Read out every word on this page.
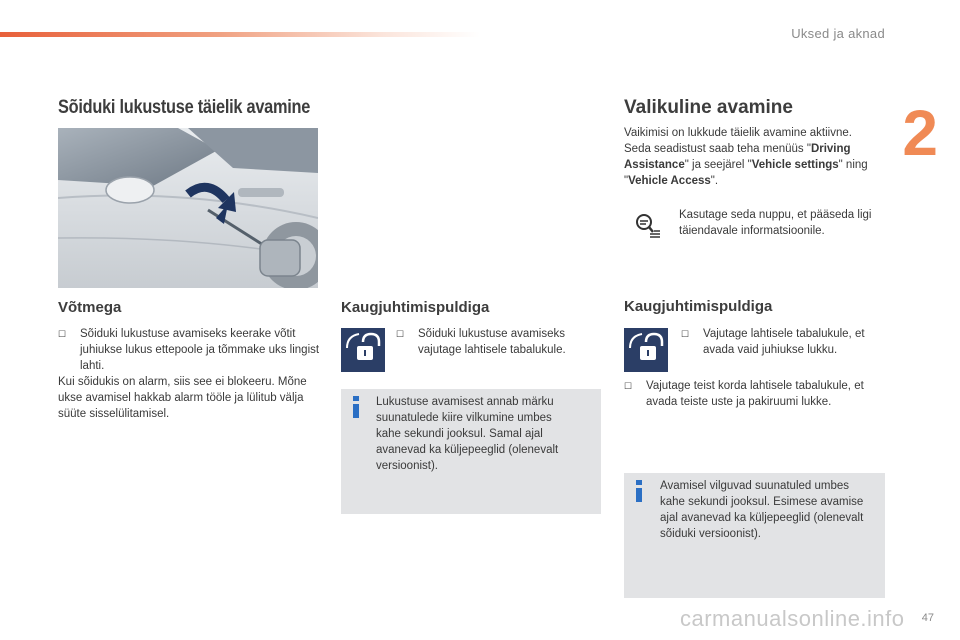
Uksed ja aknad
2
Sõiduki lukustuse täielik avamine
Võtmega
☐	Sõiduki lukustuse avamiseks keerake võtit juhiukse lukus ettepoole ja tõmmake uks lingist lahti.
Kui sõidukis on alarm, siis see ei blokeeru. Mõne ukse avamisel hakkab alarm tööle ja lülitub välja süüte sisselülitamisel.
Kaugjuhtimispuldiga
☐	Sõiduki lukustuse avamiseks vajutage lahtisele tabalukule.
Lukustuse avamisest annab märku suunatulede kiire vilkumine umbes kahe sekundi jooksul. Samal ajal avanevad ka küljepeeglid (olenevalt versioonist).
Valikuline avamine
Vaikimisi on lukkude täielik avamine aktiivne.
Seda seadistust saab teha menüüs "Driving Assistance" ja seejärel "Vehicle settings" ning "Vehicle Access".
Kasutage seda nuppu, et pääseda ligi täiendavale informatsioonile.
Kaugjuhtimispuldiga
☐	Vajutage lahtisele tabalukule, et avada vaid juhiukse lukku.
☐	Vajutage teist korda lahtisele tabalukule, et avada teiste uste ja pakiruumi lukke.
Avamisel vilguvad suunatuled umbes kahe sekundi jooksul. Esimese avamise ajal avanevad ka küljepeeglid (olenevalt sõiduki versioonist).
carmanualsonline.info 47
